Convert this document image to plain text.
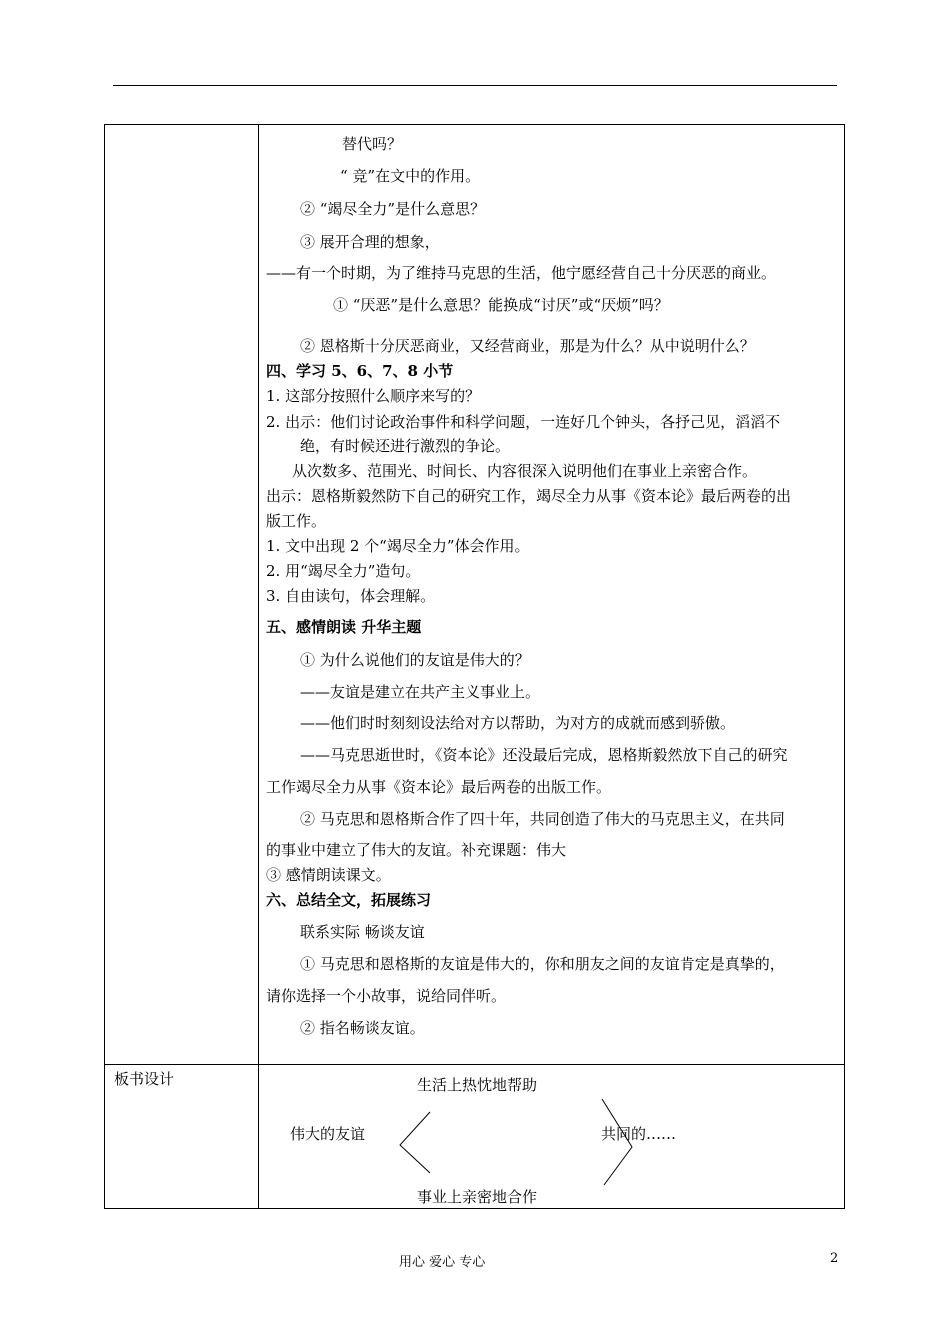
替代吗？
“ 竞”在文中的作用。
② “竭尽全力”是什么意思？
③ 展开合理的想象，
——有一个时期，为了维持马克思的生活，他宁愿经营自己十分厌恶的商业。
① “厌恶”是什么意思？能换成“讨厌”或“厌烦”吗？
② 恩格斯十分厌恶商业，又经营商业，那是为什么？从中说明什么？
四、学习 5、6、7、8 小节
1. 这部分按照什么顺序来写的？
2. 出示：他们讨论政治事件和科学问题，一连好几个钟头，各抒己见，滔滔不
绝，有时候还进行激烈的争论。
从次数多、范围光、时间长、内容很深入说明他们在事业上亲密合作。
出示：恩格斯毅然防下自己的研究工作，竭尽全力从事《资本论》最后两卷的出
版工作。
1. 文中出现 2 个“竭尽全力”体会作用。
2. 用“竭尽全力”造句。
3. 自由读句，体会理解。
五、感情朗读 升华主题
① 为什么说他们的友谊是伟大的？
——友谊是建立在共产主义事业上。
——他们时时刻刻设法给对方以帮助，为对方的成就而感到骄傲。
——马克思逝世时，《资本论》还没最后完成，恩格斯毅然放下自己的研究
工作竭尽全力从事《资本论》最后两卷的出版工作。
② 马克思和恩格斯合作了四十年，共同创造了伟大的马克思主义，在共同
的事业中建立了伟大的友谊。补充课题：伟大
③ 感情朗读课文。
六、总结全文，拓展练习
联系实际 畅谈友谊
① 马克思和恩格斯的友谊是伟大的，你和朋友之间的友谊肯定是真挚的，
请你选择一个小故事，说给同伴听。
② 指名畅谈友谊。
板书设计	生活上热忱地帮助
伟大的友谊	共同的……
事业上亲密地合作
用心 爱心 专心	2
